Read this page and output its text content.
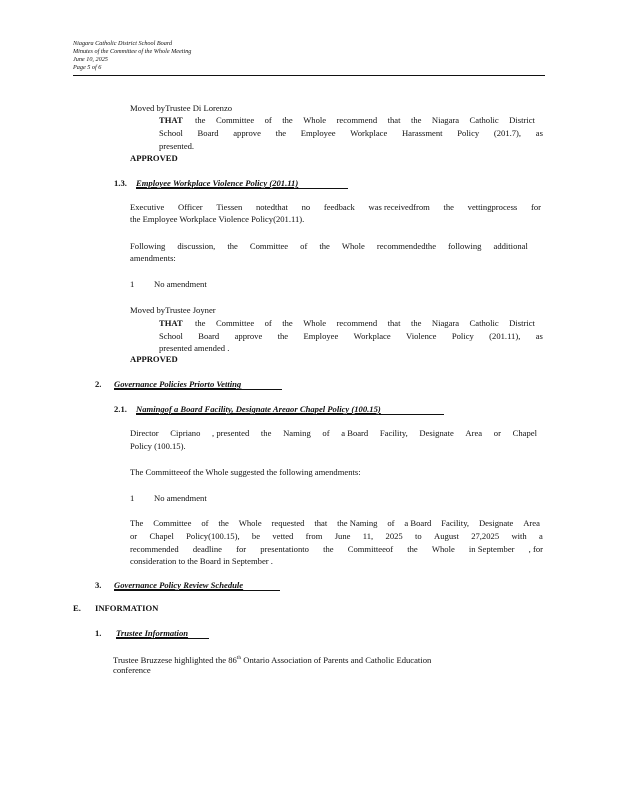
Niagara Catholic District School Board
Minutes of the Committee of the Whole Meeting
June 10, 2025
Page 5 of 6
Moved byTrustee Di Lorenzo
THAT the Committee of the Whole recommend that the Niagara Catholic District
School Board approve the Employee Workplace Harassment Policy (201.7), as
presented.
APPROVED
1.3. Employee Workplace Violence Policy (201.11)
Executive Officer Tiessen notedthat no feedback was receivedfrom the vettingprocess for
the Employee Workplace Violence Policy(201.11).
Following discussion, the Committee of the Whole recommendedthe following additional
amendments:
1 No amendment
Moved byTrustee Joyner
THAT the Committee of the Whole recommend that the Niagara Catholic District
School Board approve the Employee Workplace Violence Policy (201.11), as
presented amended .
APPROVED
2. Governance Policies Priorto Vetting
2.1. Namingof a Board Facility, Designate Areaor Chapel Policy (100.15)
Director Cipriano , presented the Naming of a Board Facility, Designate Area or Chapel
Policy (100.15).
The Committeeof the Whole suggested the following amendments:
1 No amendment
The Committee of the Whole requested that the Naming of a Board Facility, Designate Area
or Chapel Policy(100.15), be vetted from June 11, 2025 to August 27,2025 with a
recommended deadline for presentationto the Committeeof the Whole in September , for
consideration to the Board in September .
3. Governance Policy Review Schedule
E. INFORMATION
1. Trustee Information
Trustee Bruzzese highlighted the 86th Ontario Association of Parents and Catholic Education
conference
